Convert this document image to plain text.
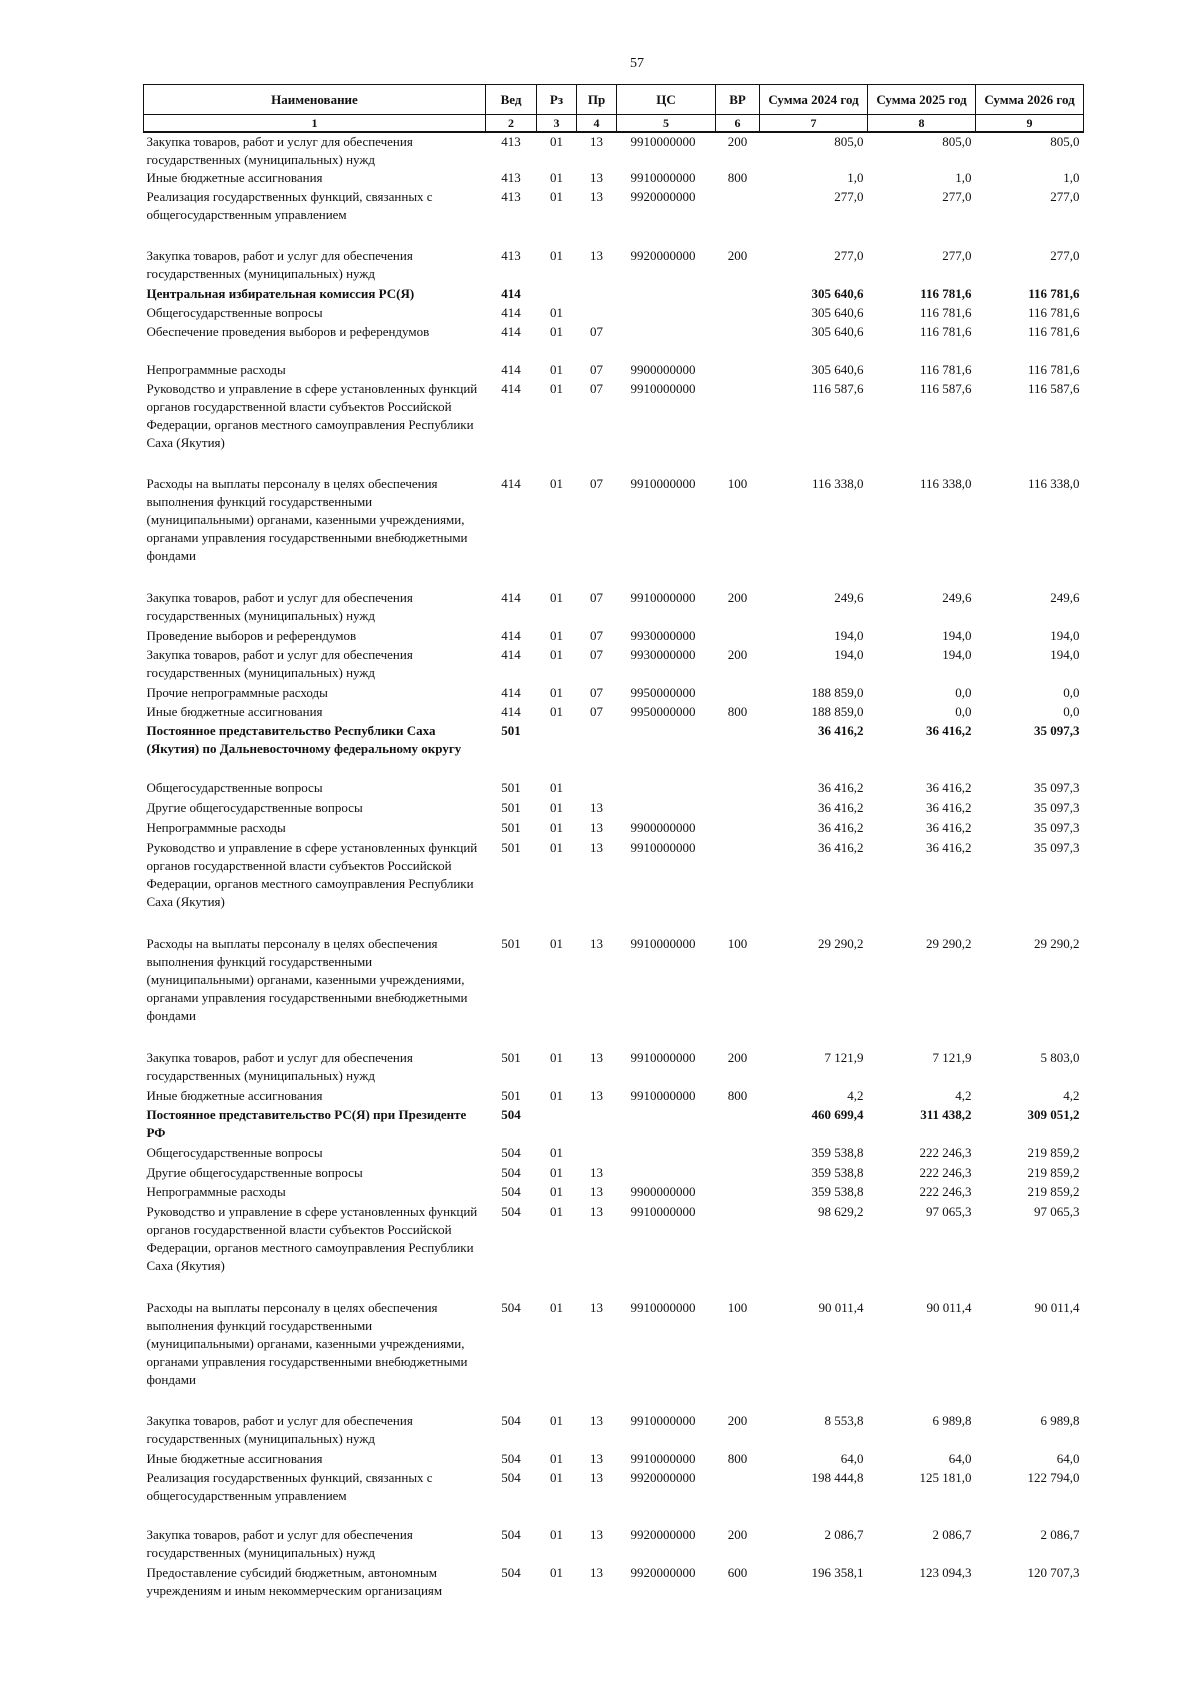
57
Наименование	Вед	Рз	Пр	ЦС	ВР	Сумма 2024 год	Сумма 2025 год	Сумма 2026 год
1	2	3	4	5	6	7	8	9
Закупка товаров, работ и услуг для обеспечения государственных (муниципальных) нужд	413	01	13	9910000000	200	805,0	805,0	805,0
Иные бюджетные ассигнования	413	01	13	9910000000	800	1,0	1,0	1,0
Реализация государственных функций, связанных с общегосударственным управлением	413	01	13	9920000000		277,0	277,0	277,0
Закупка товаров, работ и услуг для обеспечения государственных (муниципальных) нужд	413	01	13	9920000000	200	277,0	277,0	277,0
Центральная избирательная комиссия РС(Я)	414					305 640,6	116 781,6	116 781,6
Общегосударственные вопросы	414	01				305 640,6	116 781,6	116 781,6
Обеспечение проведения выборов и референдумов	414	01	07			305 640,6	116 781,6	116 781,6
Непрограммные расходы	414	01	07	9900000000		305 640,6	116 781,6	116 781,6
Руководство и управление в сфере установленных функций органов государственной власти субъектов Российской Федерации, органов местного самоуправления Республики Саха (Якутия)	414	01	07	9910000000		116 587,6	116 587,6	116 587,6
Расходы на выплаты персоналу в целях обеспечения выполнения функций государственными (муниципальными) органами, казенными учреждениями, органами управления государственными внебюджетными фондами	414	01	07	9910000000	100	116 338,0	116 338,0	116 338,0
Закупка товаров, работ и услуг для обеспечения государственных (муниципальных) нужд	414	01	07	9910000000	200	249,6	249,6	249,6
Проведение выборов и референдумов	414	01	07	9930000000		194,0	194,0	194,0
Закупка товаров, работ и услуг для обеспечения государственных (муниципальных) нужд	414	01	07	9930000000	200	194,0	194,0	194,0
Прочие непрограммные расходы	414	01	07	9950000000		188 859,0	0,0	0,0
Иные бюджетные ассигнования	414	01	07	9950000000	800	188 859,0	0,0	0,0
Постоянное представительство Республики Саха (Якутия) по Дальневосточному федеральному округу	501					36 416,2	36 416,2	35 097,3
Общегосударственные вопросы	501	01				36 416,2	36 416,2	35 097,3
Другие общегосударственные вопросы	501	01	13			36 416,2	36 416,2	35 097,3
Непрограммные расходы	501	01	13	9900000000		36 416,2	36 416,2	35 097,3
Руководство и управление в сфере установленных функций органов государственной власти субъектов Российской Федерации, органов местного самоуправления Республики Саха (Якутия)	501	01	13	9910000000		36 416,2	36 416,2	35 097,3
Расходы на выплаты персоналу в целях обеспечения выполнения функций государственными (муниципальными) органами, казенными учреждениями, органами управления государственными внебюджетными фондами	501	01	13	9910000000	100	29 290,2	29 290,2	29 290,2
Закупка товаров, работ и услуг для обеспечения государственных (муниципальных) нужд	501	01	13	9910000000	200	7 121,9	7 121,9	5 803,0
Иные бюджетные ассигнования	501	01	13	9910000000	800	4,2	4,2	4,2
Постоянное представительство РС(Я) при Президенте РФ	504					460 699,4	311 438,2	309 051,2
Общегосударственные вопросы	504	01				359 538,8	222 246,3	219 859,2
Другие общегосударственные вопросы	504	01	13			359 538,8	222 246,3	219 859,2
Непрограммные расходы	504	01	13	9900000000		359 538,8	222 246,3	219 859,2
Руководство и управление в сфере установленных функций органов государственной власти субъектов Российской Федерации, органов местного самоуправления Республики Саха (Якутия)	504	01	13	9910000000		98 629,2	97 065,3	97 065,3
Расходы на выплаты персоналу в целях обеспечения выполнения функций государственными (муниципальными) органами, казенными учреждениями, органами управления государственными внебюджетными фондами	504	01	13	9910000000	100	90 011,4	90 011,4	90 011,4
Закупка товаров, работ и услуг для обеспечения государственных (муниципальных) нужд	504	01	13	9910000000	200	8 553,8	6 989,8	6 989,8
Иные бюджетные ассигнования	504	01	13	9910000000	800	64,0	64,0	64,0
Реализация государственных функций, связанных с общегосударственным управлением	504	01	13	9920000000		198 444,8	125 181,0	122 794,0
Закупка товаров, работ и услуг для обеспечения государственных (муниципальных) нужд	504	01	13	9920000000	200	2 086,7	2 086,7	2 086,7
Предоставление субсидий бюджетным, автономным учреждениям и иным некоммерческим организациям	504	01	13	9920000000	600	196 358,1	123 094,3	120 707,3
